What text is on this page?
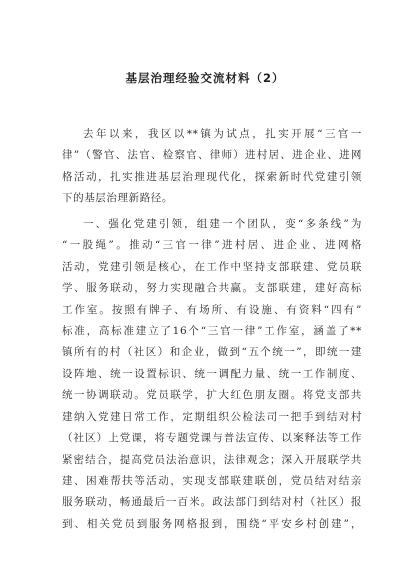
基层治理经验交流材料（2）
去年以来，我区以**镇为试点，扎实开展“三官一
律”（警官、法官、检察官、律师）进村居、进企业、进网
格活动，扎实推进基层治理现代化，探索新时代党建引领
下的基层治理新路径。
一、强化党建引领，组建一个团队，变“多条线”为
“一股绳”。推动“三官一律”进村居、进企业、进网格
活动，党建引领是核心，在工作中坚持支部联建、党员联
学、服务联动，努力实现融合共赢。支部联建，建好高标
工作室。按照有牌子、有场所、有设施、有资料“四有”
标准，高标准建立了16个“三官一律”工作室，涵盖了**
镇所有的村（社区）和企业，做到“五个统一”，即统一建
设阵地、统一设置标识、统一调配力量、统一工作制度、
统一协调联动。党员联学，扩大红色朋友圈。将党支部共
建纳入党建日常工作，定期组织公检法司一把手到结对村
（社区）上党课，将专题党课与普法宣传、以案释法等工作
紧密结合，提高党员法治意识，法律观念；深入开展联学共
建、困难帮扶等活动，实现支部联建联创，党员结对结亲
服务联动，畅通最后一百米。政法部门到结对村（社区）报
到、相关党员到服务网格报到，围绕“平安乡村创建”，
